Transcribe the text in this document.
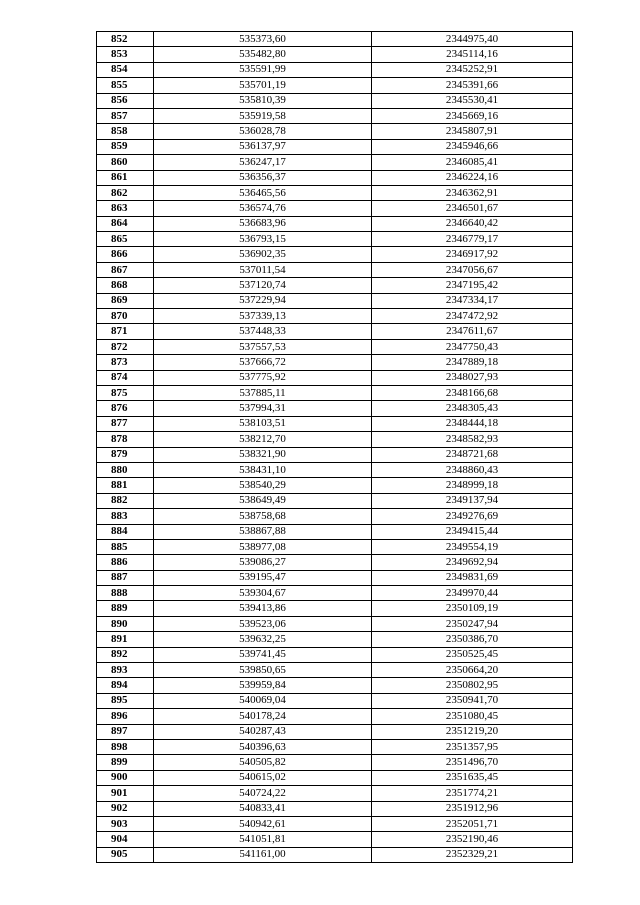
852	535373,60	2344975,40
853	535482,80	2345114,16
854	535591,99	2345252,91
855	535701,19	2345391,66
856	535810,39	2345530,41
857	535919,58	2345669,16
858	536028,78	2345807,91
859	536137,97	2345946,66
860	536247,17	2346085,41
861	536356,37	2346224,16
862	536465,56	2346362,91
863	536574,76	2346501,67
864	536683,96	2346640,42
865	536793,15	2346779,17
866	536902,35	2346917,92
867	537011,54	2347056,67
868	537120,74	2347195,42
869	537229,94	2347334,17
870	537339,13	2347472,92
871	537448,33	2347611,67
872	537557,53	2347750,43
873	537666,72	2347889,18
874	537775,92	2348027,93
875	537885,11	2348166,68
876	537994,31	2348305,43
877	538103,51	2348444,18
878	538212,70	2348582,93
879	538321,90	2348721,68
880	538431,10	2348860,43
881	538540,29	2348999,18
882	538649,49	2349137,94
883	538758,68	2349276,69
884	538867,88	2349415,44
885	538977,08	2349554,19
886	539086,27	2349692,94
887	539195,47	2349831,69
888	539304,67	2349970,44
889	539413,86	2350109,19
890	539523,06	2350247,94
891	539632,25	2350386,70
892	539741,45	2350525,45
893	539850,65	2350664,20
894	539959,84	2350802,95
895	540069,04	2350941,70
896	540178,24	2351080,45
897	540287,43	2351219,20
898	540396,63	2351357,95
899	540505,82	2351496,70
900	540615,02	2351635,45
901	540724,22	2351774,21
902	540833,41	2351912,96
903	540942,61	2352051,71
904	541051,81	2352190,46
905	541161,00	2352329,21
